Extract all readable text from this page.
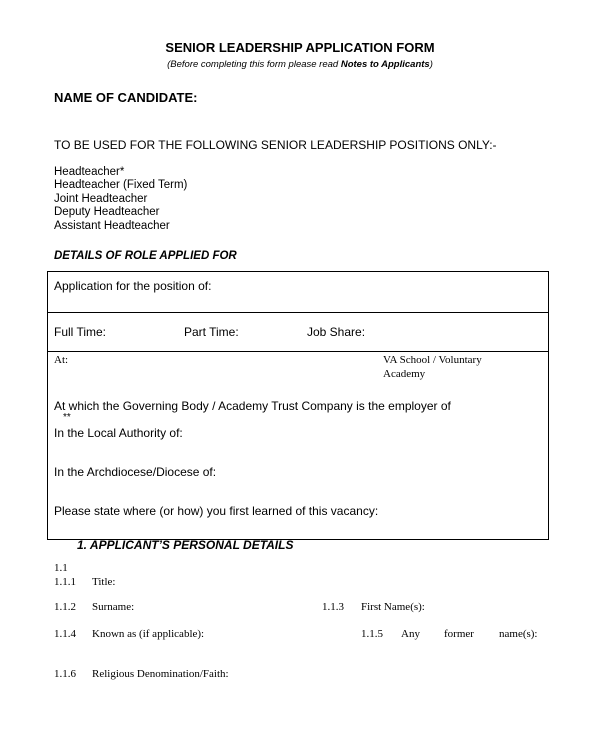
SENIOR LEADERSHIP APPLICATION FORM
(Before completing this form please read Notes to Applicants)
NAME OF CANDIDATE:
TO BE USED FOR THE FOLLOWING SENIOR LEADERSHIP POSITIONS ONLY:-
Headteacher*
Headteacher (Fixed Term)
Joint Headteacher
Deputy Headteacher
Assistant Headteacher
DETAILS OF ROLE APPLIED FOR
Application for the position of:
Full Time:	Part Time:	Job Share:
At:	VA School / Voluntary
Academy
At which the Governing Body / Academy Trust Company is the employer of
**
In the Local Authority of:
In the Archdiocese/Diocese of:
Please state where (or how) you first learned of this vacancy:
1. APPLICANT’S PERSONAL DETAILS
1.1
1.1.1 Title:
1.1.2 Surname:	1.1.3 First Name(s):
1.1.4 Known as (if applicable):	1.1.5 Any former name(s):
1.1.6 Religious Denomination/Faith:
